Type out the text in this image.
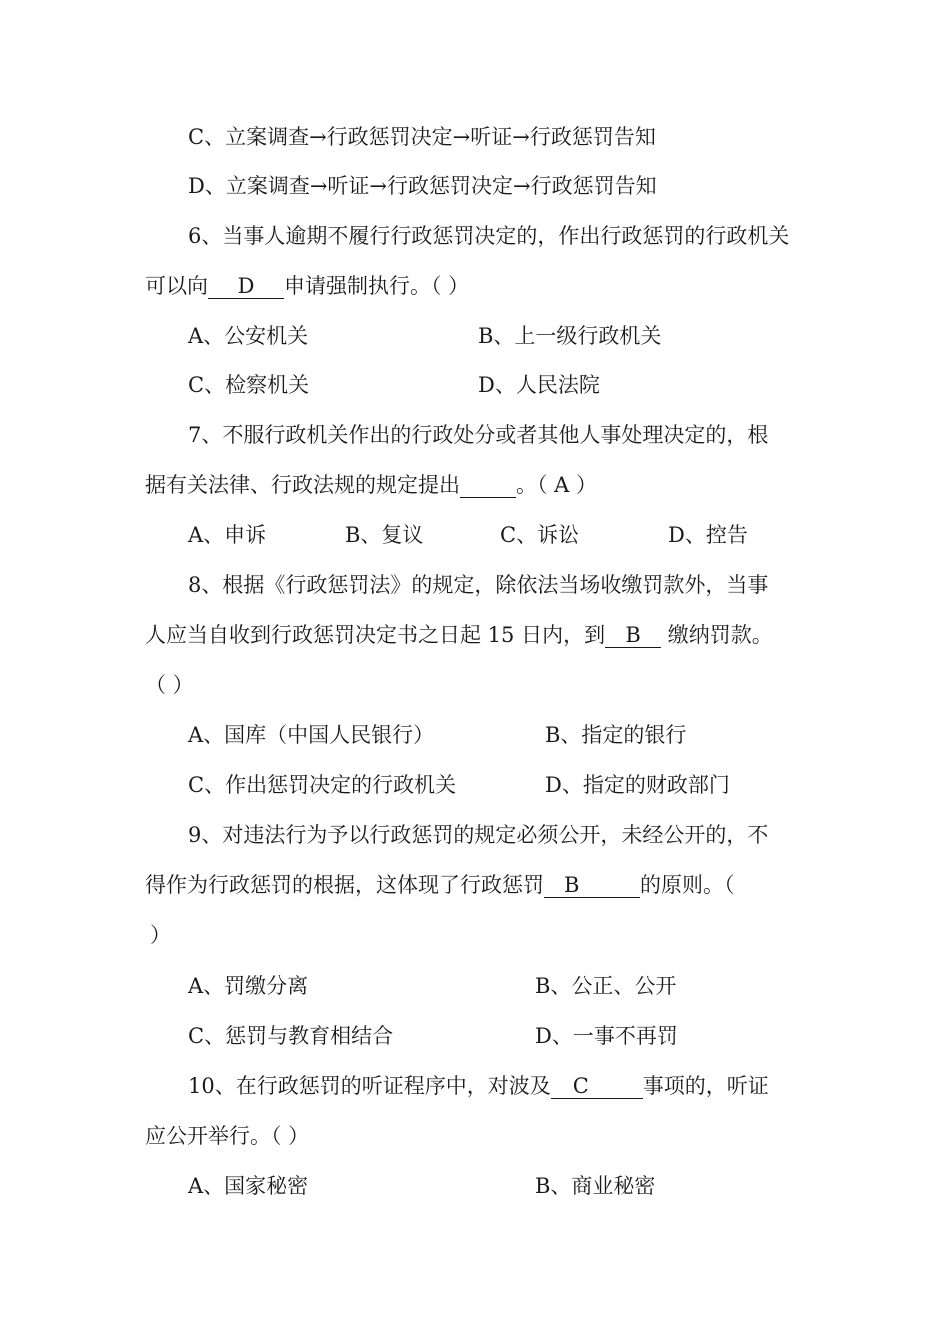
C、立案调查→行政惩罚决定→听证→行政惩罚告知
D、立案调查→听证→行政惩罚决定→行政惩罚告知
6、当事人逾期不履行行政惩罚决定的，作出行政惩罚的行政机关
可以向 D 申请强制执行。（ ）
A、公安机关	B、上一级行政机关
C、检察机关	D、人民法院
7、不服行政机关作出的行政处分或者其他人事处理决定的，根
据有关法律、行政法规的规定提出	。（ A ）
A、申诉	B、复议	C、诉讼	D、控告
8、根据《行政惩罚法》的规定，除依法当场收缴罚款外，当事
人应当自收到行政惩罚决定书之日起 15 日内，到 B 缴纳罚款。
（ ）
A、国库（中国人民银行）	B、指定的银行
C、作出惩罚决定的行政机关	D、指定的财政部门
9、对违法行为予以行政惩罚的规定必须公开，未经公开的，不
得作为行政惩罚的根据，这体现了行政惩罚 B	的原则。（
）
A、罚缴分离	B、公正、公开
C、惩罚与教育相结合	D、一事不再罚
10、在行政惩罚的听证程序中，对波及 C	事项的，听证
应公开举行。（ ）
A、国家秘密	B、商业秘密
